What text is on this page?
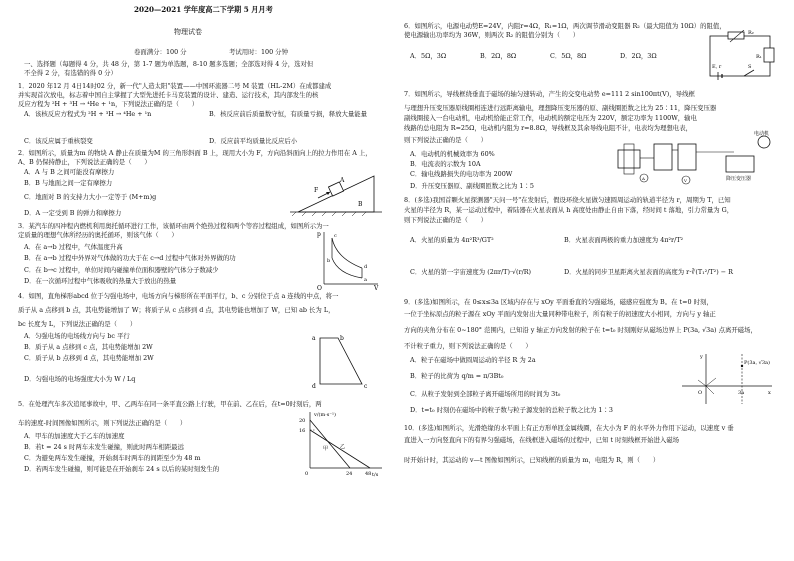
2020—2021 学年度高二下学期 5 月月考
物理试卷
卷面满分：100 分	考试用时：100 分钟
一、选择题（每题得 4 分，共 48 分，第 1-7 题为单选题，8-10 题多选题；全部选对得 4 分，选对但
不全得 2 分，有选错的得 0 分）
1．2020 年12 月 4日14时02 分，新一代"人造太阳"装置——中国环流器二号 M 装置（HL-2M）在成都建成
并实现首次放电，标志着中国自主掌握了大型先进托卡马克装置的设计、建造、运行技术，其内部发生的核
反应方程为 ²H + ³H → ⁴He + ¹n，下列说法正确的是（　　）
A．该核反应方程式为 ²H + ³H → ⁴He + ¹n	B．核反应前后质量数守恒，有质量亏损，释放大量能量
C．该反应属于重核裂变	D．反应前平均质量比反应后小
2．如图所示，质量为m 的物块 A 静止在质量为M 的三角形斜面 B 上，现用大小为 F，方向沿斜面向上的拉力作用在 A 上，
A、B 仍保持静止，下列说法正确的是（　　）
A．A 与 B 之间可能没有摩擦力
B．B 与地面之间一定有摩擦力
C．地面对 B 的支持力大小一定等于 (M+m)g
D．A 一定受到 B 的弹力和摩擦力
F
A
B
3．某汽车的四冲程内燃机利用奥托循环进行工作，该循环由两个绝热过程和两个等容过程组成，如图所示为一
定质量的理想气体所经历的奥托循环，则该气体（　　）
A．在 a→b 过程中，气体温度升高
B．在 a→b 过程中外界对气体做的功大于在 c→d 过程中气体对外界做的功
C．在 b→c 过程中，单位时间内碰撞单位面积器壁的气体分子数减少
D．在一次循环过程中气体吸收的热量大于放出的热量
p
V
O
c
b
d
a
4．如图，直角梯形abcd 位于匀强电场中，电场方向与梯形所在平面平行，b、c 分别位于点 a 连线的中点，将一
质子从 a 点移到 b 点，其电势能增加了 W；将质子从 c 点移到 d 点，其电势能也增加了 W，已知 ab 长为 L，
bc 长度为 L，下列说法正确的是（　　）
A．匀强电场的电场线方向与 bc 平行
B．质子从 a 点移到 c 点，其电势能增加 2W
C．质子从 b 点移到 d 点，其电势能增加 2W
D．匀强电场的电场强度大小为 W / Lq
a	b
c
d
5．在处理汽车多次追尾事故中，甲、乙两车在同一条平直公路上行驶，甲在前、乙在后，在t=0时刻后，两
车的速度-时间图像如图所示，则下列说法正确的是（　　）
A．甲车的加速度大于乙车的加速度
B．若t = 24 s 时两车未发生碰撞，则此时两车相距最远
C．为避免两车发生碰撞，开始刹车时两车的间距至少为 48 m
D．若两车发生碰撞，则可能是在开始刹车 24 s 以后的某时刻发生的
v/(m·s⁻¹)
t/s
0
20
16
24	48
甲 乙
6．如图所示，电源电动势E=24V，内阻r=4Ω，R₁=1Ω，两次调节滑动变阻器 R₂（最大阻值为 10Ω）的阻值，
使电源输出功率均为 36W，则两次 R₂ 的阻值分别为（　　）
A．5Ω，3Ω	B．2Ω，8Ω	C．5Ω，8Ω	D．2Ω，3Ω
R₂
R₁
E, r	S
7．如图所示，导线框绕垂直于磁场的轴匀速转动，产生的交变电动势 e=111 2 sin100πt(V)，导线框
与理想升压变压器原线圈相连进行远距离输电，理想降压变压器的原、副线圈匝数之比为 25∶11，降压变压器
副线圈接入一台电动机，电动机恰能正常工作，电动机的额定电压为 220V，额定功率为 1100W，输电
线路的总电阻为 R=25Ω，电动机内阻为 r=8.8Ω，导线框及其余导线电阻不计，电表均为理想电表，
则下列说法正确的是（　　）
A．电动机的机械效率为 60%
B．电流表的示数为 10A
C．输电线路损失的电功率为 200W
D．升压变压器原、副线圈匝数之比为 1∶5
电动机
降压变压器
A	V
8．(多选)我国首颗火星探测器"天问一号"在发射后，假设环绕火星做匀速圆周运动的轨道半径为 r，周期为 T，已知
火星的半径为 R，某一运动过程中，着陆器在火星表面从 h 高度处由静止自由下落，经时间 t 落地，引力常量为 G，
则下列说法正确的是（　　）
A．火星的质量为 4π²R³/GT²	B．火星表面两极的重力加速度为 4π²r/T²
C．火星的第一宇宙速度为 (2πr/T)·√(r/R)	D．火星的同步卫星距离火星表面的高度为 r·∛(T₁²/T²) − R
9．(多选)如图所示，在 0≤x≤3a 区域内存在与 xOy 平面垂直的匀强磁场，磁感应强度为 B。在 t=0 时刻，
一位于坐标原点的粒子源在 xOy 平面内发射出大量同种带电粒子，所有粒子的初速度大小相同，方向与 y 轴正
方向的夹角分布在 0~180° 范围内，已知沿 y 轴正方向发射的粒子在 t=t₀ 时刻刚好从磁场边界上 P(3a, √3a) 点离开磁场，
不计粒子重力，则下列说法正确的是（　　）
A．粒子在磁场中做圆周运动的半径 R 为 2a
B．粒子的比荷为 q/m = π/3Bt₀
C．从粒子发射到全部粒子离开磁场所用的时间为 3t₀
D．t=t₀ 时刻仍在磁场中的粒子数与粒子源发射的总粒子数之比为 1∶3
y
x
O
P(3a, √3a)
3a
10．(多选)如图所示，光滑绝缘的水平面上有正方形单匝金属线圈，在大小为 F 的水平外力作用下运动，以速度 v 垂
直进入一方向竖直向下的有界匀强磁场，在线框进入磁场的过程中，已知 t 时刻线框开始进入磁场
时开始计时，其运动的 v—t 图像如图所示，已知线框的质量为 m，电阻为 R，则（　　）
